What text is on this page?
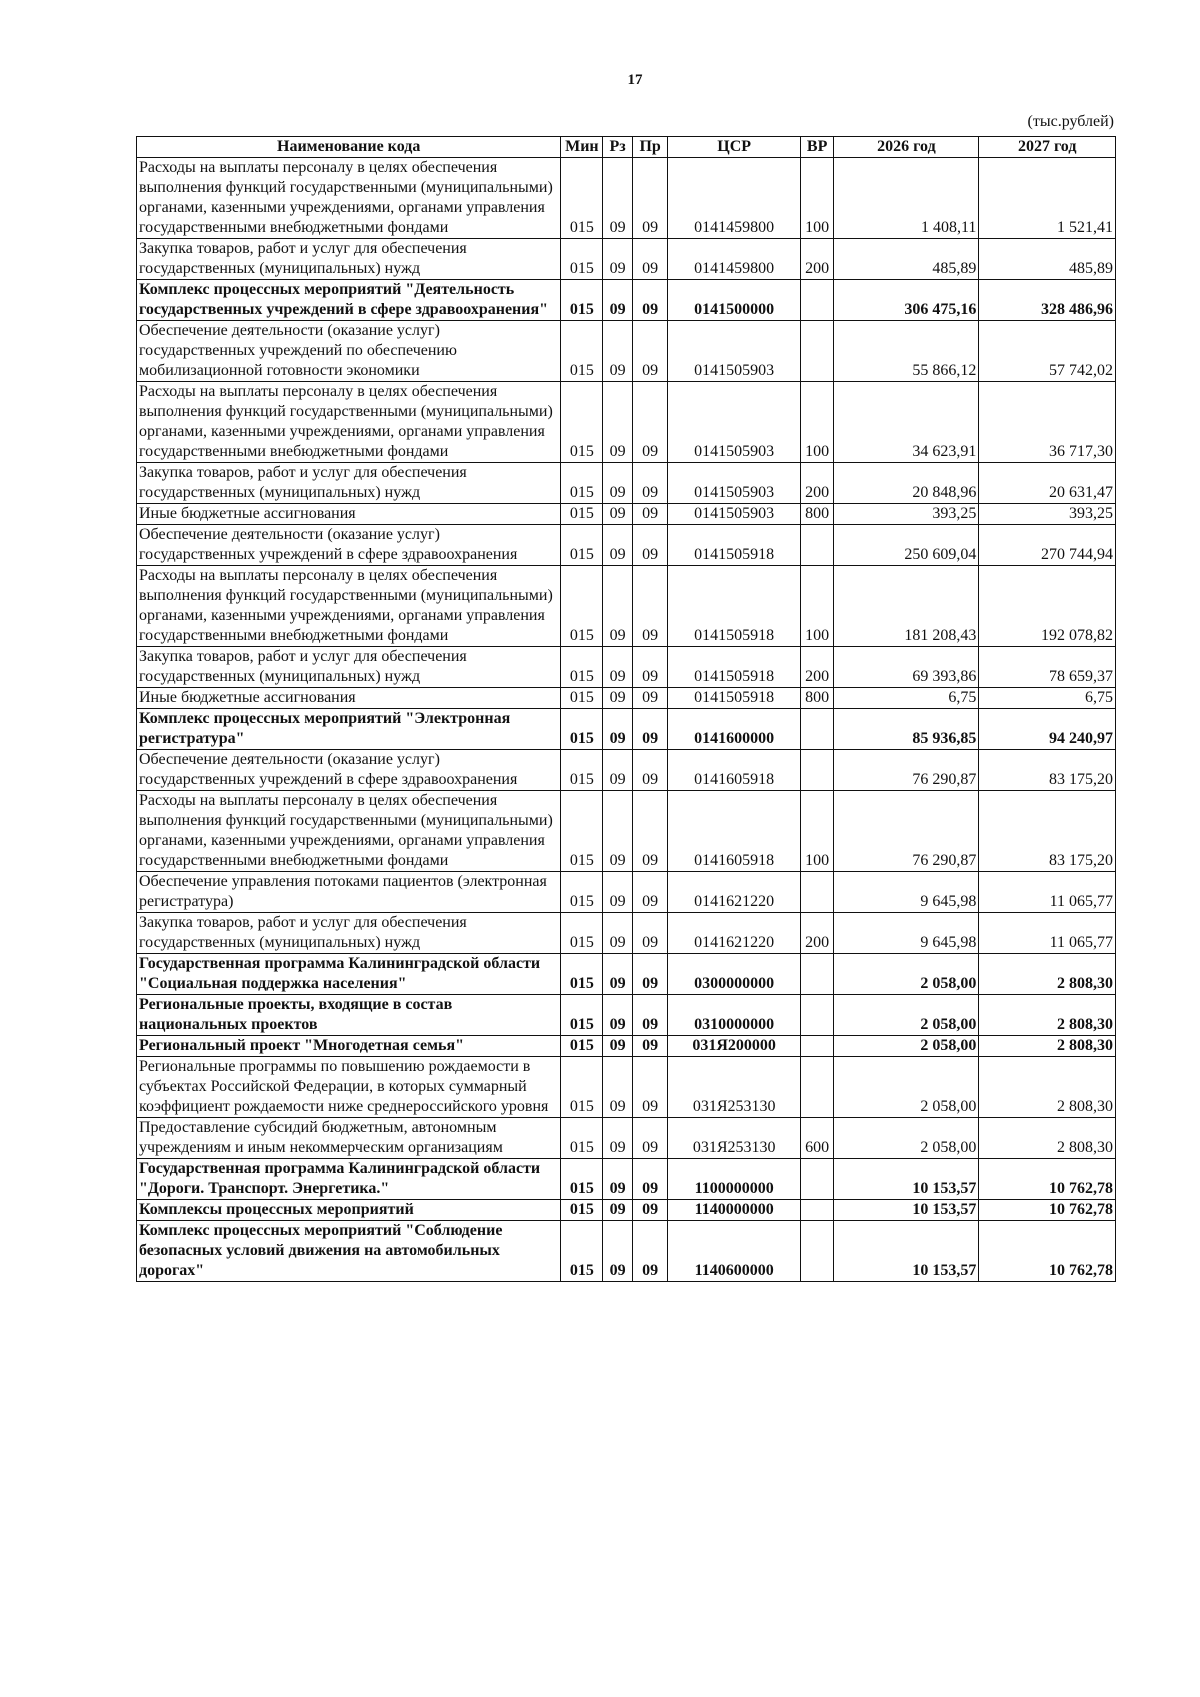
17
(тыс.рублей)
Наименование кода	Мин	Рз	Пр	ЦСР	ВР	2026 год	2027 год
Расходы на выплаты персоналу в целях обеспечения выполнения функций государственными (муниципальными) органами, казенными учреждениями, органами управления государственными внебюджетными фондами	015	09	09	0141459800	100	1 408,11	1 521,41
Закупка товаров, работ и услуг для обеспечения государственных (муниципальных) нужд	015	09	09	0141459800	200	485,89	485,89
Комплекс процессных мероприятий "Деятельность государственных учреждений в сфере здравоохранения"	015	09	09	0141500000		306 475,16	328 486,96
Обеспечение деятельности (оказание услуг) государственных учреждений по обеспечению мобилизационной готовности экономики	015	09	09	0141505903		55 866,12	57 742,02
Расходы на выплаты персоналу в целях обеспечения выполнения функций государственными (муниципальными) органами, казенными учреждениями, органами управления государственными внебюджетными фондами	015	09	09	0141505903	100	34 623,91	36 717,30
Закупка товаров, работ и услуг для обеспечения государственных (муниципальных) нужд	015	09	09	0141505903	200	20 848,96	20 631,47
Иные бюджетные ассигнования	015	09	09	0141505903	800	393,25	393,25
Обеспечение деятельности (оказание услуг) государственных учреждений в сфере здравоохранения	015	09	09	0141505918		250 609,04	270 744,94
Расходы на выплаты персоналу в целях обеспечения выполнения функций государственными (муниципальными) органами, казенными учреждениями, органами управления государственными внебюджетными фондами	015	09	09	0141505918	100	181 208,43	192 078,82
Закупка товаров, работ и услуг для обеспечения государственных (муниципальных) нужд	015	09	09	0141505918	200	69 393,86	78 659,37
Иные бюджетные ассигнования	015	09	09	0141505918	800	6,75	6,75
Комплекс процессных мероприятий "Электронная регистратура"	015	09	09	0141600000		85 936,85	94 240,97
Обеспечение деятельности (оказание услуг) государственных учреждений в сфере здравоохранения	015	09	09	0141605918		76 290,87	83 175,20
Расходы на выплаты персоналу в целях обеспечения выполнения функций государственными (муниципальными) органами, казенными учреждениями, органами управления государственными внебюджетными фондами	015	09	09	0141605918	100	76 290,87	83 175,20
Обеспечение управления потоками пациентов (электронная регистратура)	015	09	09	0141621220		9 645,98	11 065,77
Закупка товаров, работ и услуг для обеспечения государственных (муниципальных) нужд	015	09	09	0141621220	200	9 645,98	11 065,77
Государственная программа Калининградской области "Социальная поддержка населения"	015	09	09	0300000000		2 058,00	2 808,30
Региональные проекты, входящие в состав национальных проектов	015	09	09	0310000000		2 058,00	2 808,30
Региональный проект "Многодетная семья"	015	09	09	031Я200000		2 058,00	2 808,30
Региональные программы по повышению рождаемости в субъектах Российской Федерации, в которых суммарный коэффициент рождаемости ниже среднероссийского уровня	015	09	09	031Я253130		2 058,00	2 808,30
Предоставление субсидий бюджетным, автономным учреждениям и иным некоммерческим организациям	015	09	09	031Я253130	600	2 058,00	2 808,30
Государственная программа Калининградской области "Дороги. Транспорт. Энергетика."	015	09	09	1100000000		10 153,57	10 762,78
Комплексы процессных мероприятий	015	09	09	1140000000		10 153,57	10 762,78
Комплекс процессных мероприятий "Соблюдение безопасных условий движения на автомобильных дорогах"	015	09	09	1140600000		10 153,57	10 762,78
